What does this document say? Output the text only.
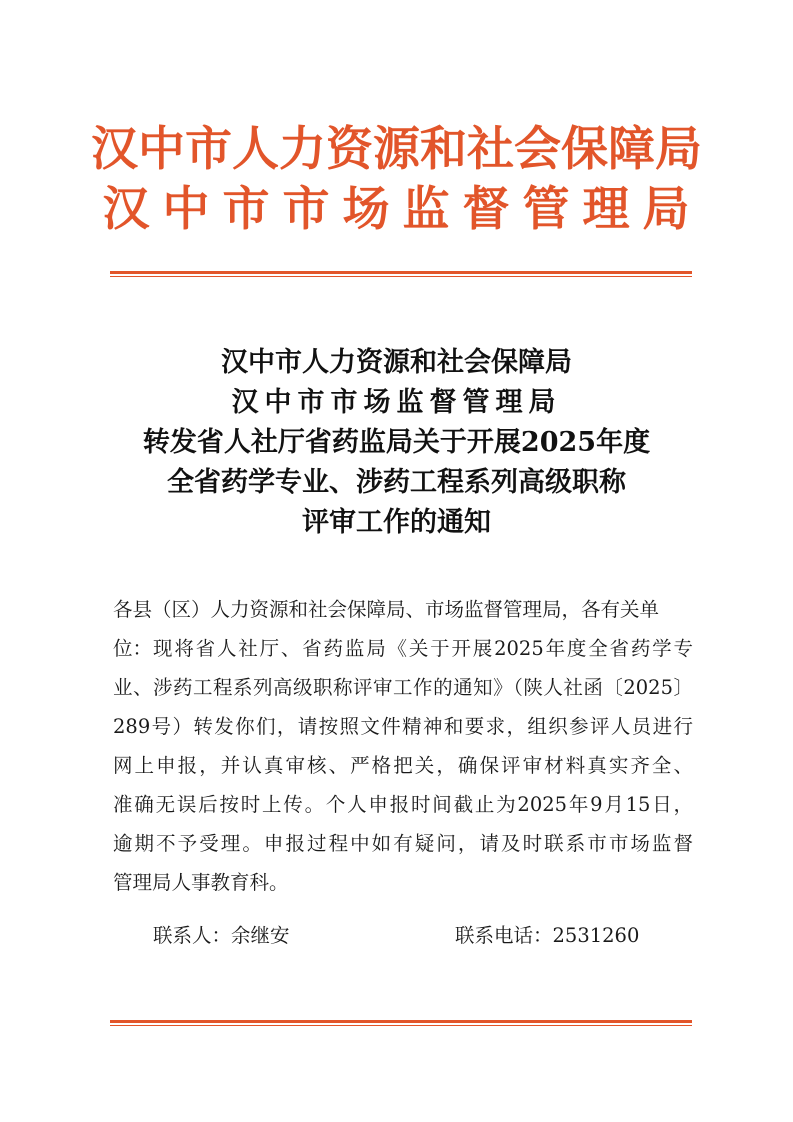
汉中市人力资源和社会保障局
汉中市市场监督管理局
汉中市人力资源和社会保障局
汉中市市场监督管理局
转发省人社厅省药监局关于开展2025年度
全省药学专业、涉药工程系列高级职称
评审工作的通知
各县（区）人力资源和社会保障局、市场监督管理局，各有关单位： 现将省人社厅、省药监局《关于开展2025年度全省药学专
业、涉药工程系列高级职称评审工作的通知》（陕人社函〔2025〕
289号）转发你们，请按照文件精神和要求，组织参评人员进行
网上申报，并认真审核、严格把关，确保评审材料真实齐全、
准确无误后按时上传。个人申报时间截止为2025年9月15日，
逾期不予受理。申报过程中如有疑问，请及时联系市市场监督
管理局人事教育科。
联系人：余继安	联系电话：2531260
